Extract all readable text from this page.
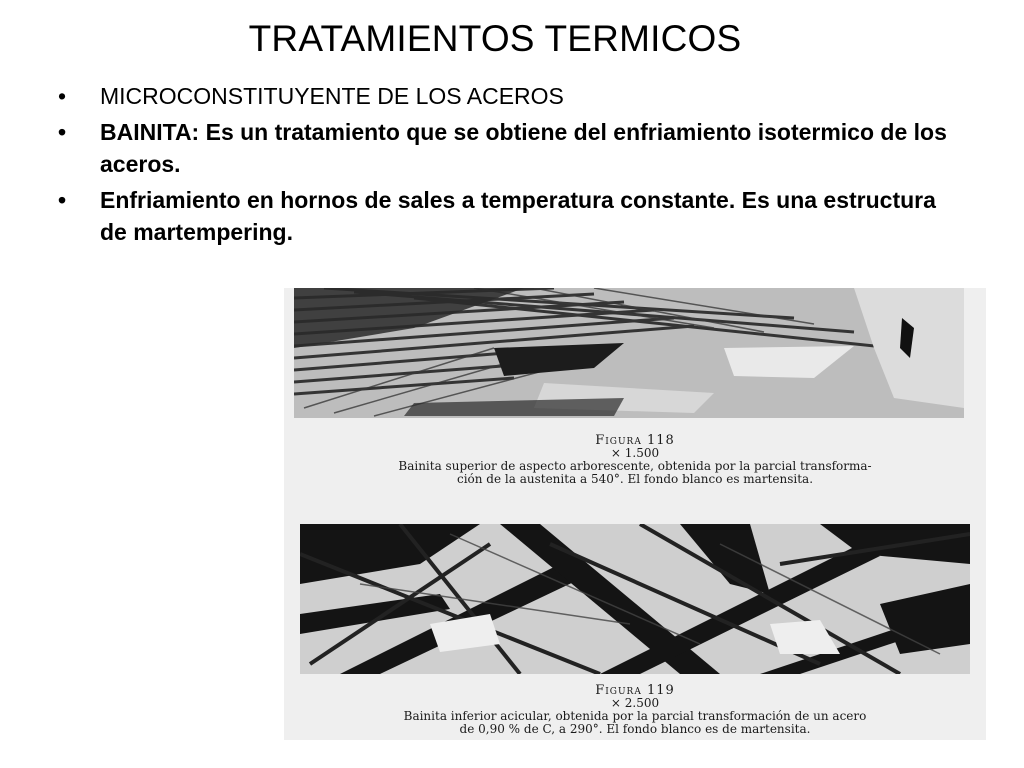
TRATAMIENTOS TERMICOS
• MICROCONSTITUYENTE DE LOS ACEROS
• BAINITA: Es un tratamiento que se obtiene del enfriamiento isotermico de los aceros.
• Enfriamiento en hornos de sales a temperatura constante. Es una estructura de martempering.
Figura 118
× 1.500
Bainita superior de aspecto arborescente, obtenida por la parcial transforma-
ción de la austenita a 540°. El fondo blanco es martensita.
Figura 119
× 2.500
Bainita inferior acicular, obtenida por la parcial transformación de un acero
de 0,90 % de C, a 290°. El fondo blanco es de martensita.
